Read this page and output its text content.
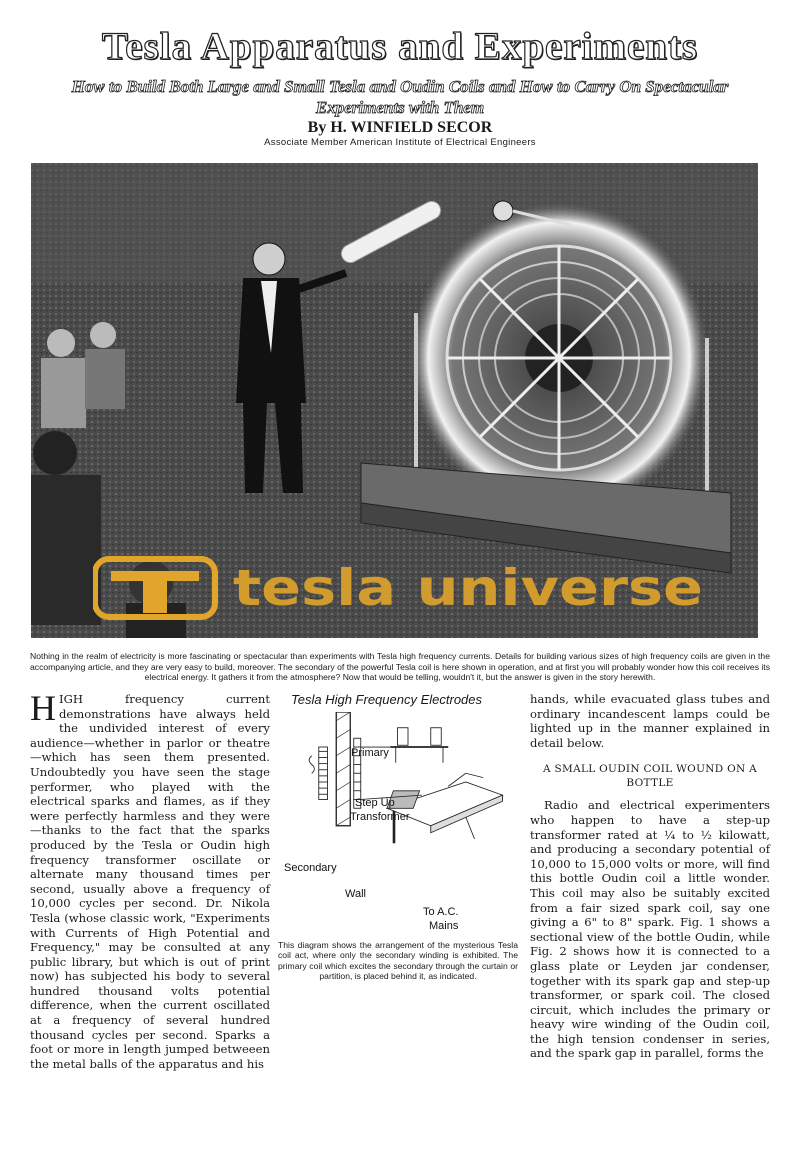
Tesla Apparatus and Experiments

How to Build Both Large and Small Tesla and Oudin Coils and How to Carry On Spectacular Experiments with Them

By H. WINFIELD SECOR
Associate Member American Institute of Electrical Engineers
tesla universe

Nothing in the realm of electricity is more fascinating or spectacular than experiments with Tesla high frequency currents. Details for building various sizes of high frequency coils are given in the accompanying article, and they are very easy to build, moreover. The secondary of the powerful Tesla coil is here shown in operation, and at first you will probably wonder how this coil receives its electrical energy. It gathers it from the atmosphere? Now that would be telling, wouldn't it, but the answer is given in the story herewith.

HIGH frequency current demonstrations have always held the undivided interest of every audience—whether in parlor or theatre—which has seen them presented. Undoubtedly you have seen the stage performer, who played with the electrical sparks and flames, as if they were perfectly harmless and they were—thanks to the fact that the sparks produced by the Tesla or Oudin high frequency transformer oscillate or alternate many thousand times per second, usually above a frequency of 10,000 cycles per second. Dr. Nikola Tesla (whose classic work, "Experiments with Currents of High Potential and Frequency," may be consulted at any public library, but which is out of print now) has subjected his body to several hundred thousand volts potential difference, when the current oscillated at a frequency of several hundred thousand cycles per second. Sparks a foot or more in length jumped betweeen the metal balls of the apparatus and his
Tesla High Frequency Electrodes
Primary
Step Up
Transformer
Secondary
Wall
To A.C.
Mains

This diagram shows the arrangement of the mysterious Tesla coil act, where only the secondary winding is exhibited. The primary coil which excites the secondary through the curtain or partition, is placed behind it, as indicated.

hands, while evacuated glass tubes and ordinary incandescent lamps could be lighted up in the manner explained in detail below.

A SMALL OUDIN COIL WOUND ON A BOTTLE

Radio and electrical experimenters who happen to have a step-up transformer rated at ¼ to ½ kilowatt, and producing a secondary potential of 10,000 to 15,000 volts or more, will find this bottle Oudin coil a little wonder. This coil may also be suitably excited from a fair sized spark coil, say one giving a 6" to 8" spark. Fig. 1 shows a sectional view of the bottle Oudin, while Fig. 2 shows how it is connected to a glass plate or Leyden jar condenser, together with its spark gap and step-up transformer, or spark coil. The closed circuit, which includes the primary or heavy wire winding of the Oudin coil, the high tension condenser in series, and the spark gap in parallel, forms the
